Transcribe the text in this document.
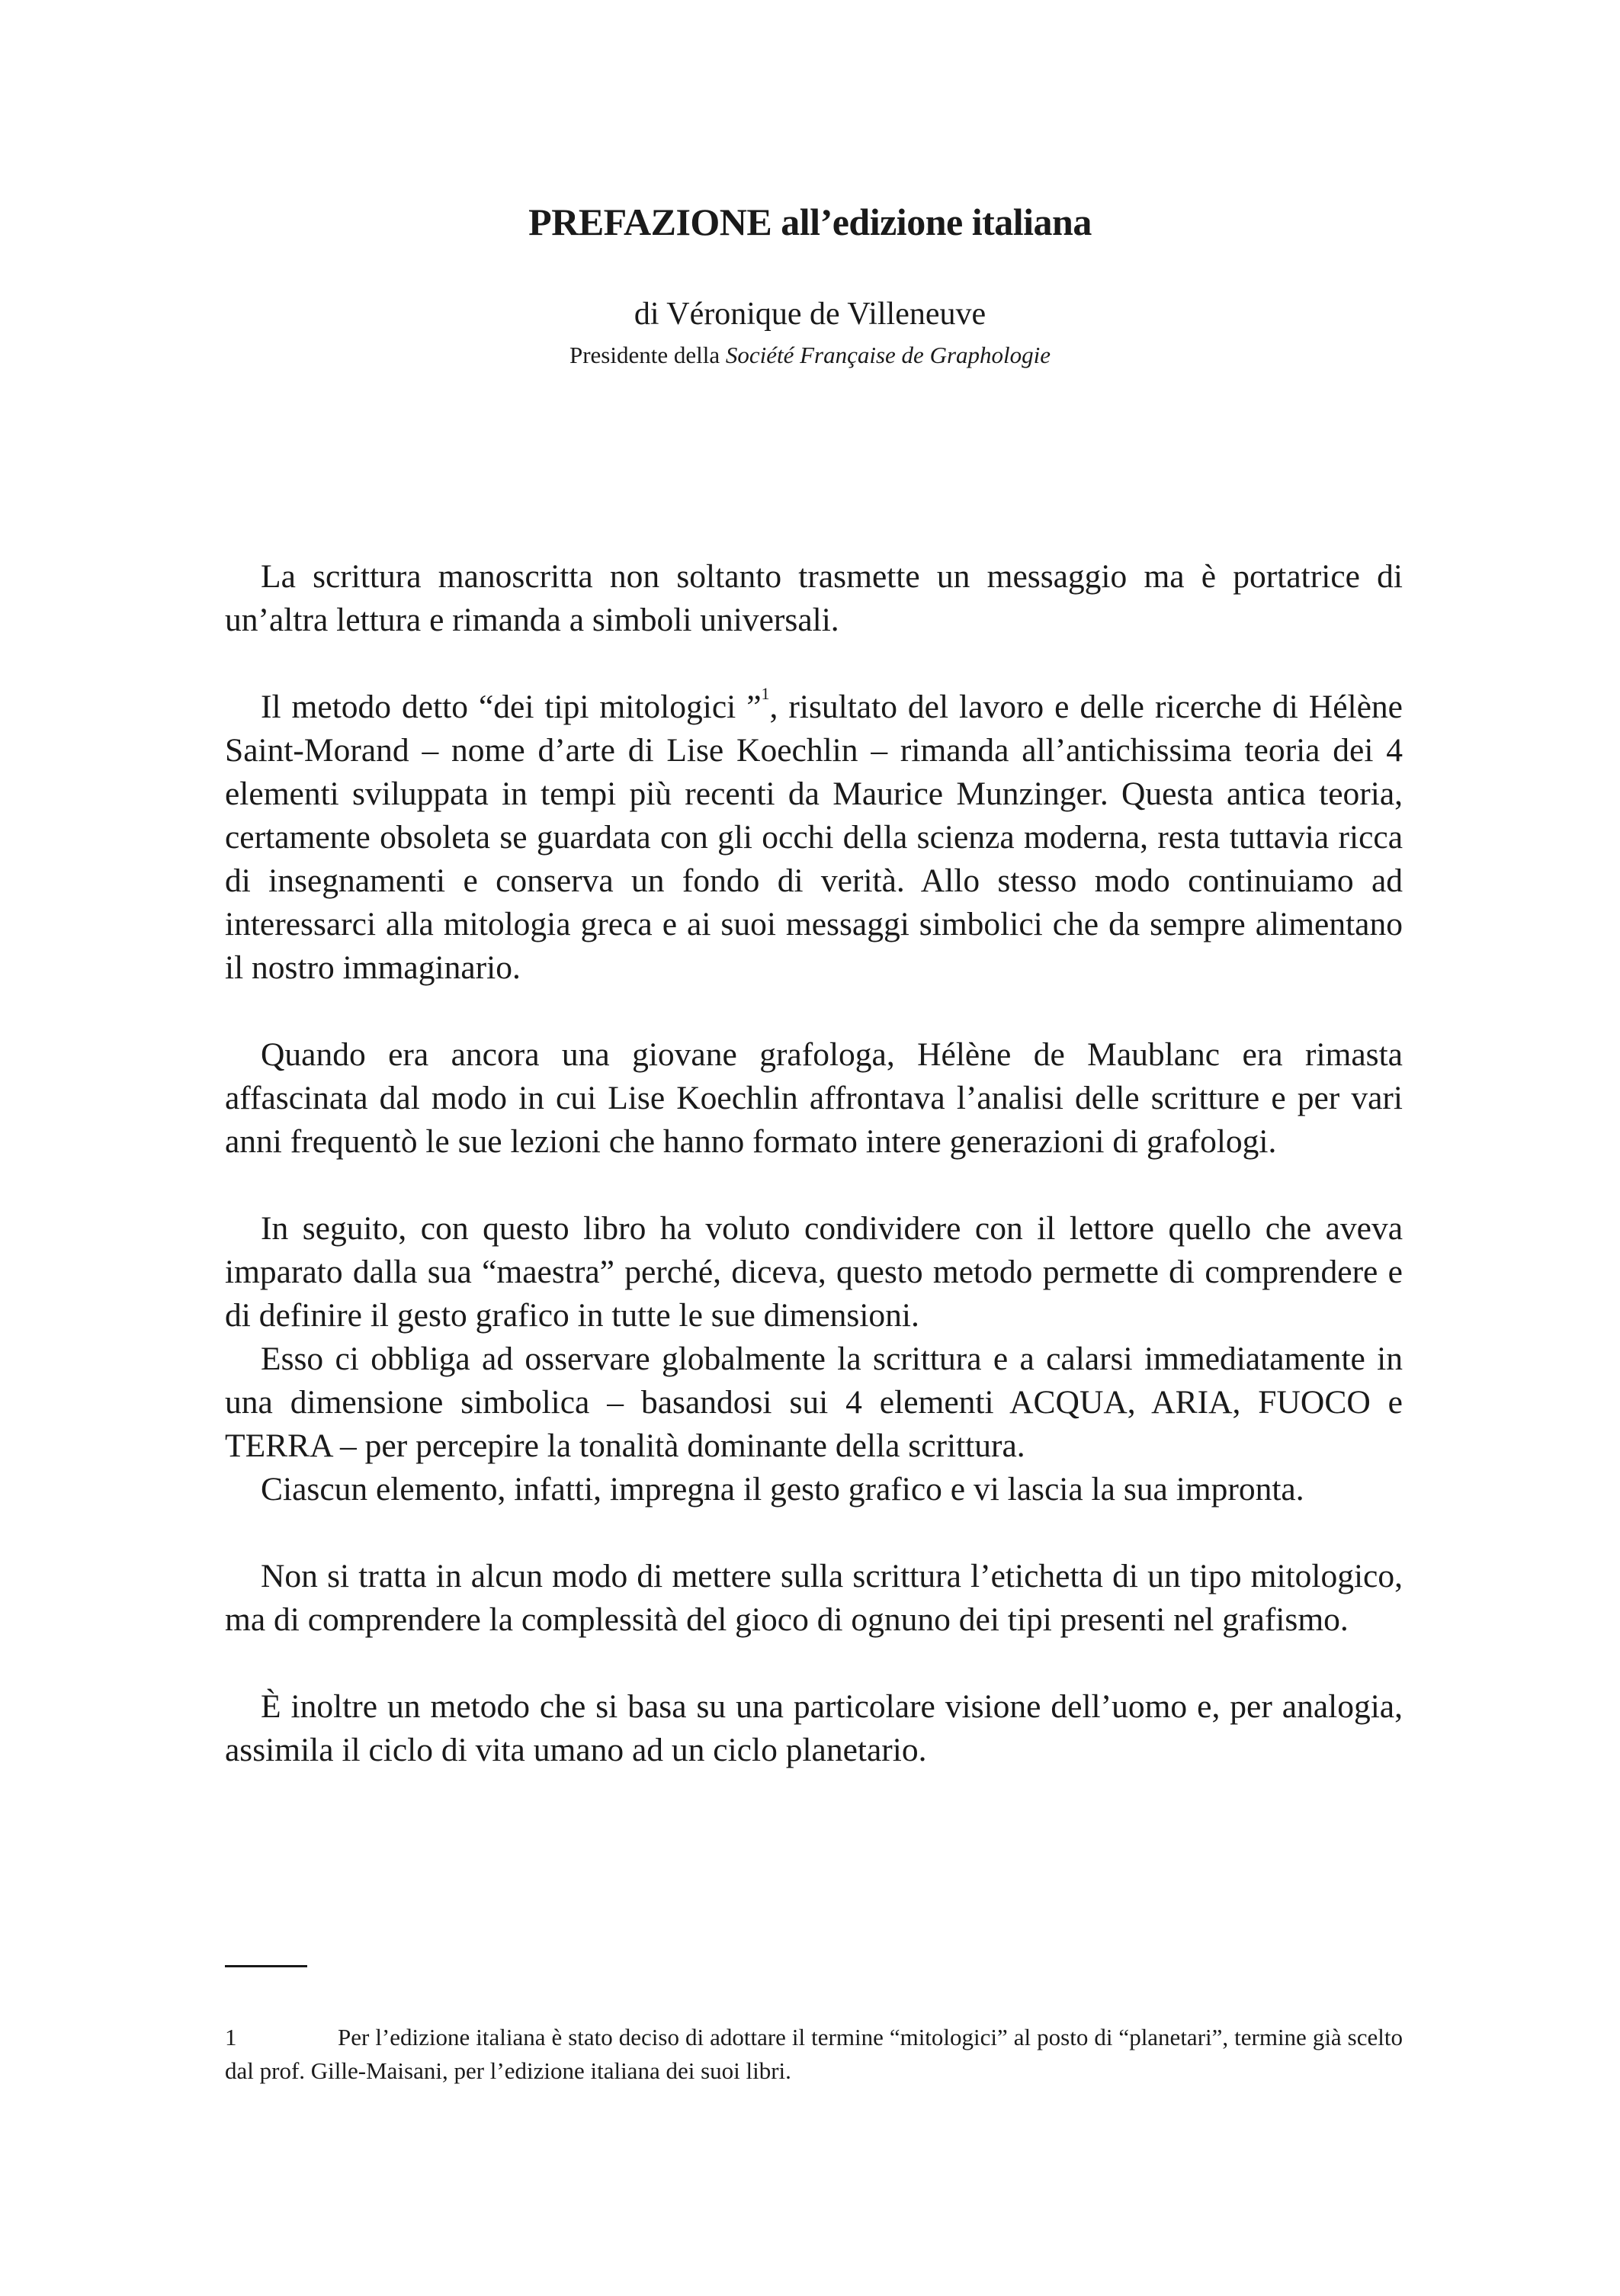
PREFAZIONE all’edizione italiana
di Véronique de Villeneuve
Presidente della Société Française de Graphologie

La scrittura manoscritta non soltanto trasmette un messaggio ma è portatrice di un’altra lettura e rimanda a simboli universali.

Il metodo detto “dei tipi mitologici ”$^1$, risultato del lavoro e delle ricerche di Hélène Saint-Morand – nome d’arte di Lise Koechlin – rimanda all’antichissima teoria dei 4 elementi sviluppata in tempi più recenti da Maurice Munzinger. Questa antica teoria, certamente obsoleta se guardata con gli occhi della scienza moderna, resta tuttavia ricca di insegnamenti e conserva un fondo di verità. Allo stesso modo continuiamo ad interessarci alla mitologia greca e ai suoi messaggi simbolici che da sempre alimentano il nostro immaginario.

Quando era ancora una giovane grafologa, Hélène de Maublanc era rimasta affascinata dal modo in cui Lise Koechlin affrontava l’analisi delle scritture e per vari anni frequentò le sue lezioni che hanno formato intere generazioni di grafologi.

In seguito, con questo libro ha voluto condividere con il lettore quello che aveva imparato dalla sua “maestra” perché, diceva, questo metodo permette di comprendere e di definire il gesto grafico in tutte le sue dimensioni.

Esso ci obbliga ad osservare globalmente la scrittura e a calarsi immediatamente in una dimensione simbolica – basandosi sui 4 elementi ACQUA, ARIA, FUOCO e TERRA – per percepire la tonalità dominante della scrittura.

Ciascun elemento, infatti, impregna il gesto grafico e vi lascia la sua impronta.

Non si tratta in alcun modo di mettere sulla scrittura l’etichetta di un tipo mitologico, ma di comprendere la complessità del gioco di ognuno dei tipi presenti nel grafismo.

È inoltre un metodo che si basa su una particolare visione dell’uomo e, per analogia, assimila il ciclo di vita umano ad un ciclo planetario.

1	Per l’edizione italiana è stato deciso di adottare il termine “mitologici” al posto di “planetari”, termine già scelto dal prof. Gille-Maisani, per l’edizione italiana dei suoi libri.
